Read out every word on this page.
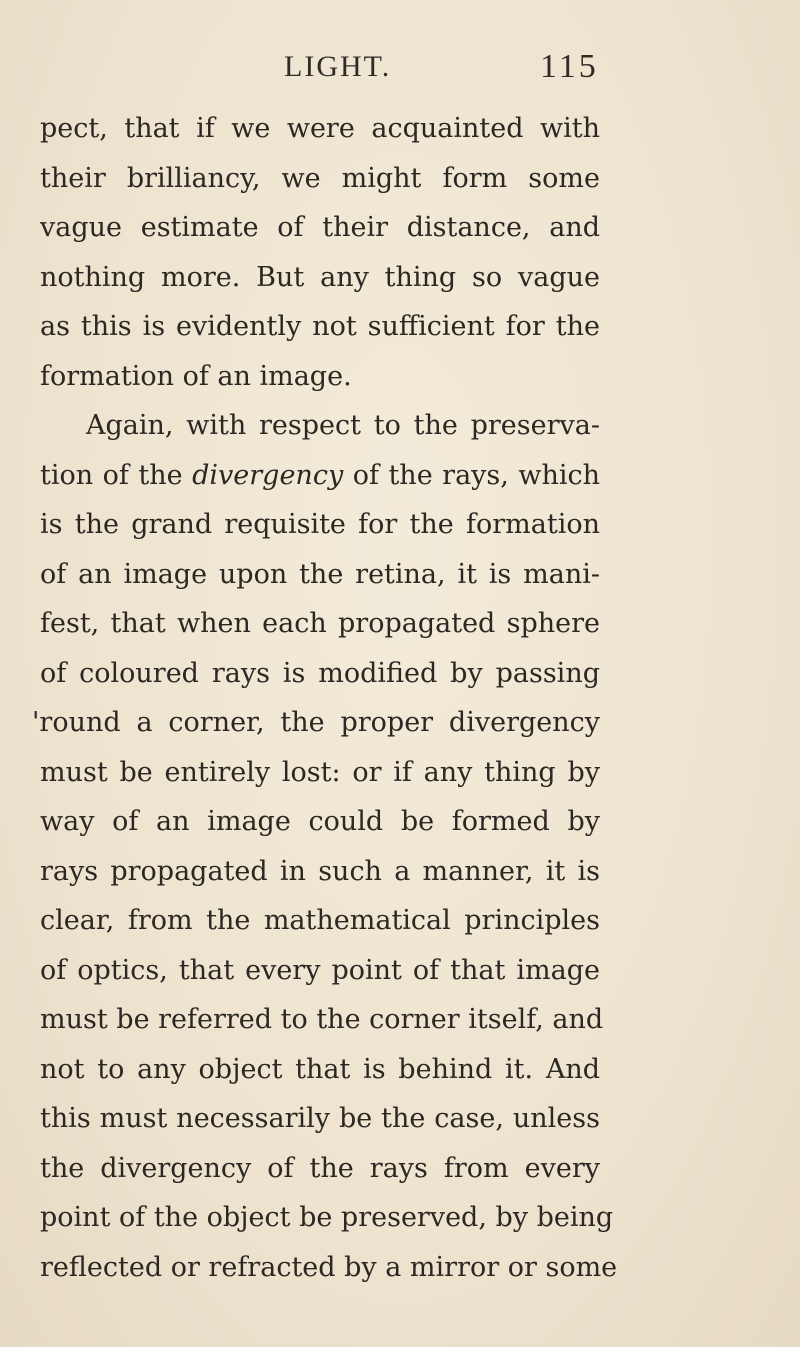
LIGHT.	115
pect, that if we were acquainted with
their brilliancy, we might form some
vague estimate of their distance, and
nothing more. But any thing so vague
as this is evidently not sufficient for the
formation of an image.
Again, with respect to the preserva-
tion of the divergency of the rays, which
is the grand requisite for the formation
of an image upon the retina, it is mani-
fest, that when each propagated sphere
of coloured rays is modified by passing
'round a corner, the proper divergency
must be entirely lost: or if any thing by
way of an image could be formed by
rays propagated in such a manner, it is
clear, from the mathematical principles
of optics, that every point of that image
must be referred to the corner itself, and
not to any object that is behind it. And
this must necessarily be the case, unless
the divergency of the rays from every
point of the object be preserved, by being
reflected or refracted by a mirror or some
